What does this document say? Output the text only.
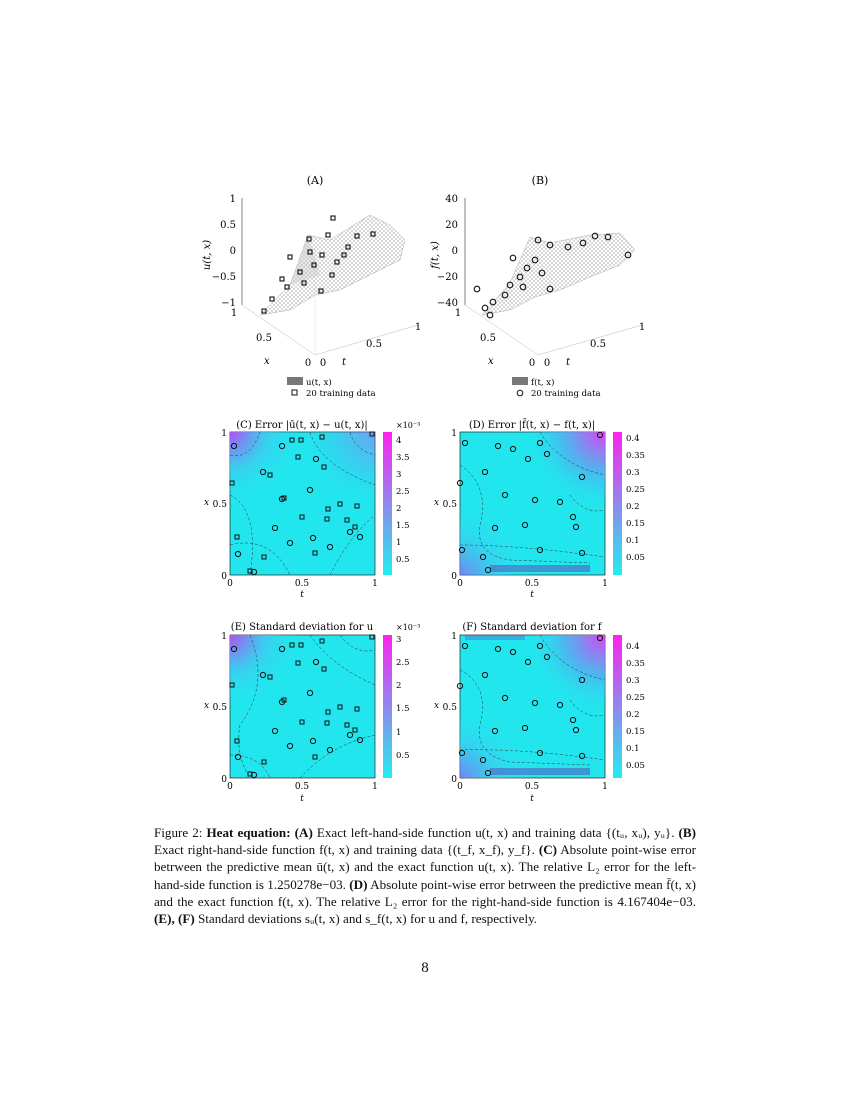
(A)
1
0.5
0
−0.5
−1
u(t, x)
1
0.5
0
x	0
0.5
1
t
u(t, x)
20 training data
(B)
40
20
0
−20
−40
f(t, x)
1
0.5
0
x	0
0.5
1
t
f(t, x)
20 training data
(C) Error |ū(t, x) − u(t, x)|	×10⁻³
1
0.5
0
x
0	0.5	1
t
4
3.5
3
2.5
2
1.5
1
0.5
(D) Error |f̄(t, x) − f(t, x)|
1
0.5
0
x
0	0.5	1
t
0.4
0.35
0.3
0.25
0.2
0.15
0.1
0.05
(E) Standard deviation for u	×10⁻³
1
0.5
0
x
0	0.5	1
t
3
2.5
2
1.5
1
0.5
(F) Standard deviation for f
1
0.5
0
x
0	0.5	1
t
0.4
0.35
0.3
0.25
0.2
0.15
0.1
0.05
Figure 2: Heat equation: (A) Exact left-hand-side function u(t, x) and training data {(tᵤ, xᵤ), yᵤ}. (B) Exact right-hand-side function f(t, x) and training data {(t_f, x_f), y_f}. (C) Absolute point-wise error betrween the predictive mean ū(t, x) and the exact function u(t, x). The relative L₂ error for the left-hand-side function is 1.250278e−03. (D) Absolute point-wise error betrween the predictive mean f̄(t, x) and the exact function f(t, x). The relative L₂ error for the right-hand-side function is 4.167404e−03. (E), (F) Standard deviations sᵤ(t, x) and s_f(t, x) for u and f, respectively.
8
